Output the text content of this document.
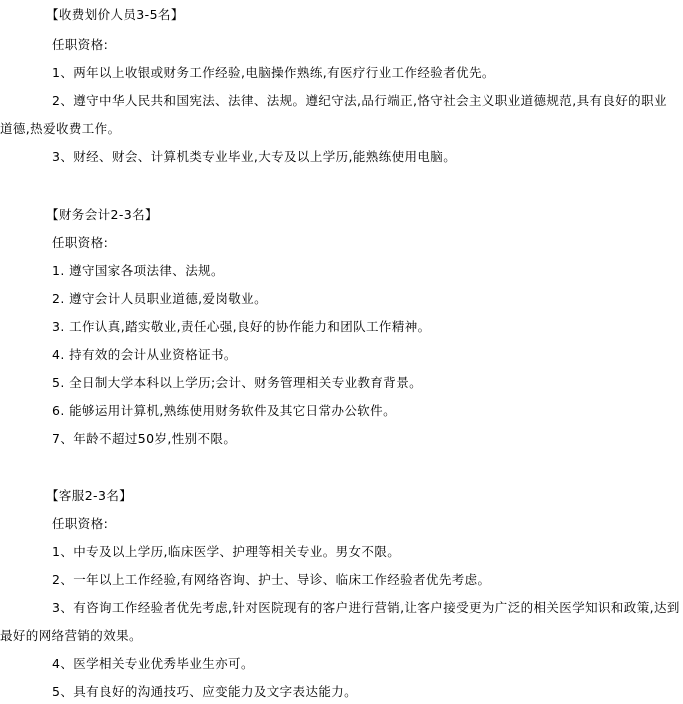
【收费划价人员3-5名】
任职资格:
1、两年以上收银或财务工作经验,电脑操作熟练,有医疗行业工作经验者优先。
2、遵守中华人民共和国宪法、法律、法规。遵纪守法,品行端正,恪守社会主义职业道德规范,具有良好的职业道德,热爱收费工作。
3、财经、财会、计算机类专业毕业,大专及以上学历,能熟练使用电脑。
【财务会计2-3名】
任职资格:
1. 遵守国家各项法律、法规。
2. 遵守会计人员职业道德,爱岗敬业。
3. 工作认真,踏实敬业,责任心强,良好的协作能力和团队工作精神。
4. 持有效的会计从业资格证书。
5. 全日制大学本科以上学历;会计、财务管理相关专业教育背景。
6. 能够运用计算机,熟练使用财务软件及其它日常办公软件。
7、年龄不超过50岁,性别不限。
【客服2-3名】
任职资格:
1、中专及以上学历,临床医学、护理等相关专业。男女不限。
2、一年以上工作经验,有网络咨询、护士、导诊、临床工作经验者优先考虑。
3、有咨询工作经验者优先考虑,针对医院现有的客户进行营销,让客户接受更为广泛的相关医学知识和政策,达到最好的网络营销的效果。
4、医学相关专业优秀毕业生亦可。
5、具有良好的沟通技巧、应变能力及文字表达能力。
